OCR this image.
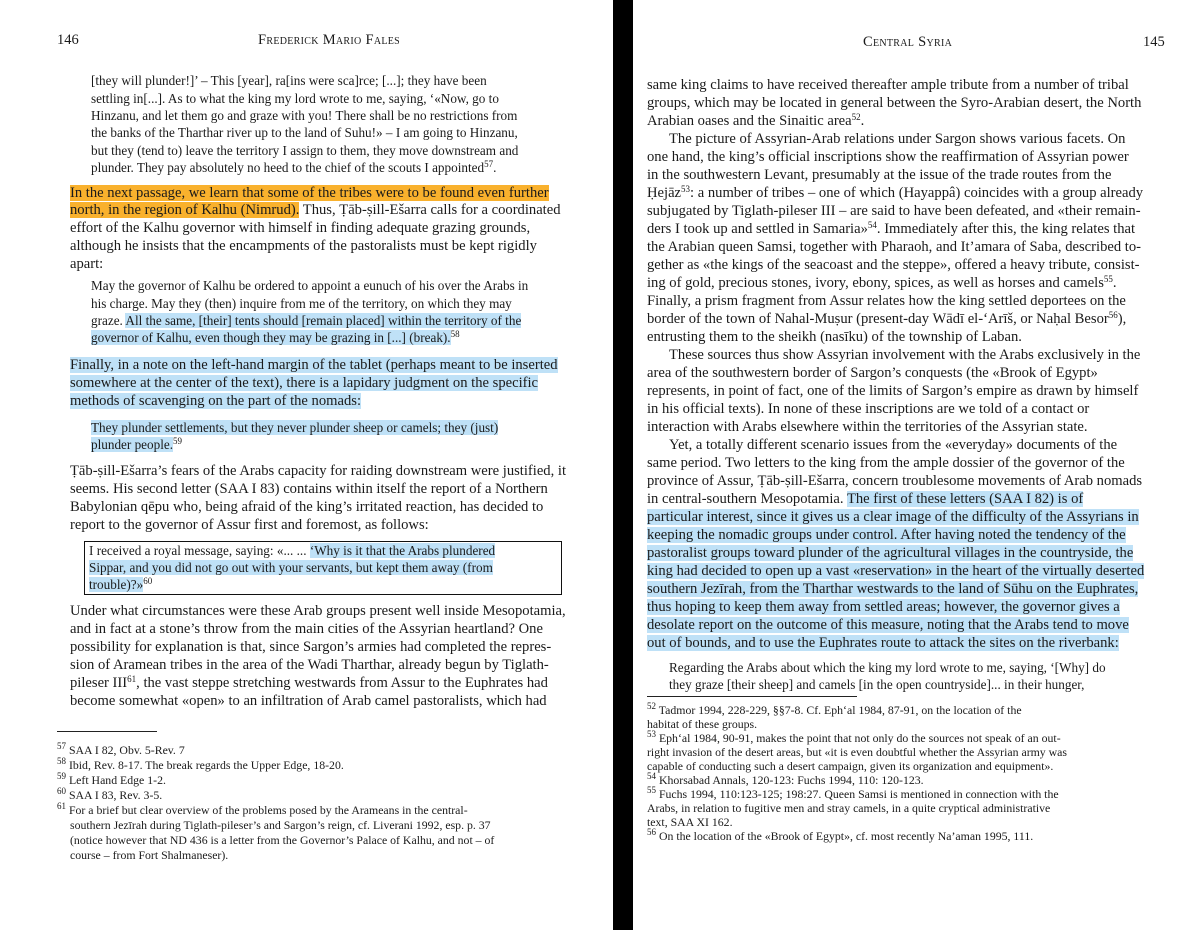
146	Frederick Mario Fales
[they will plunder!]’ – This [year], ra[ins were sca]rce; [...]; they have been
settling in[...]. As to what the king my lord wrote to me, saying, ‘«Now, go to
Hinzanu, and let them go and graze with you! There shall be no restrictions from
the banks of the Tharthar river up to the land of Suhu!» – I am going to Hinzanu,
but they (tend to) leave the territory I assign to them, they move downstream and
plunder. They pay absolutely no heed to the chief of the scouts I appointed$^{57}$.
In the next passage, we learn that some of the tribes were to be found even further
north, in the region of Kalhu (Nimrud). Thus, Ṭāb-ṣill-Ešarra calls for a coordinated
effort of the Kalhu governor with himself in finding adequate grazing grounds,
although he insists that the encampments of the pastoralists must be kept rigidly
apart:
May the governor of Kalhu be ordered to appoint a eunuch of his over the Arabs in
his charge. May they (then) inquire from me of the territory, on which they may
graze. All the same, [their] tents should [remain placed] within the territory of the
governor of Kalhu, even though they may be grazing in [...] (break).$^{58}$
Finally, in a note on the left-hand margin of the tablet (perhaps meant to be inserted
somewhere at the center of the text), there is a lapidary judgment on the specific
methods of scavenging on the part of the nomads:
They plunder settlements, but they never plunder sheep or camels; they (just)
plunder people.$^{59}$
Ṭāb-ṣill-Ešarra’s fears of the Arabs capacity for raiding downstream were justified, it
seems. His second letter (SAA I 83) contains within itself the report of a Northern
Babylonian qēpu who, being afraid of the king’s irritated reaction, has decided to
report to the governor of Assur first and foremost, as follows:
I received a royal message, saying: «... ... ‘Why is it that the Arabs plundered
Sippar, and you did not go out with your servants, but kept them away (from
trouble)?»$^{60}$
Under what circumstances were these Arab groups present well inside Mesopotamia,
and in fact at a stone’s throw from the main cities of the Assyrian heartland? One
possibility for explanation is that, since Sargon’s armies had completed the repres-
sion of Aramean tribes in the area of the Wadi Tharthar, already begun by Tiglath-
pileser III$^{61}$, the vast steppe stretching westwards from Assur to the Euphrates had
become somewhat «open» to an infiltration of Arab camel pastoralists, which had
$^{57}$ SAA I 82, Obv. 5-Rev. 7
$^{58}$ Ibid, Rev. 8-17. The break regards the Upper Edge, 18-20.
$^{59}$ Left Hand Edge 1-2.
$^{60}$ SAA I 83, Rev. 3-5.
$^{61}$ For a brief but clear overview of the problems posed by the Arameans in the central-
southern Jezīrah during Tiglath-pileser’s and Sargon’s reign, cf. Liverani 1992, esp. p. 37
(notice however that ND 436 is a letter from the Governor’s Palace of Kalhu, and not – of
course – from Fort Shalmaneser).
Central Syria	145
same king claims to have received thereafter ample tribute from a number of tribal
groups, which may be located in general between the Syro-Arabian desert, the North
Arabian oases and the Sinaitic area$^{52}$.
The picture of Assyrian-Arab relations under Sargon shows various facets. On
one hand, the king’s official inscriptions show the reaffirmation of Assyrian power
in the southwestern Levant, presumably at the issue of the trade routes from the
Ḥejāz$^{53}$: a number of tribes – one of which (Hayappâ) coincides with a group already
subjugated by Tiglath-pileser III – are said to have been defeated, and «their remain-
ders I took up and settled in Samaria»$^{54}$. Immediately after this, the king relates that
the Arabian queen Samsi, together with Pharaoh, and It’amara of Saba, described to-
gether as «the kings of the seacoast and the steppe», offered a heavy tribute, consist-
ing of gold, precious stones, ivory, ebony, spices, as well as horses and camels$^{55}$.
Finally, a prism fragment from Assur relates how the king settled deportees on the
border of the town of Nahal-Muṣur (present-day Wādī el-‘Arīš, or Naḥal Besor$^{56}$),
entrusting them to the sheikh (nasīku) of the township of Laban.
These sources thus show Assyrian involvement with the Arabs exclusively in the
area of the southwestern border of Sargon’s conquests (the «Brook of Egypt»
represents, in point of fact, one of the limits of Sargon’s empire as drawn by himself
in his official texts). In none of these inscriptions are we told of a contact or
interaction with Arabs elsewhere within the territories of the Assyrian state.
Yet, a totally different scenario issues from the «everyday» documents of the
same period. Two letters to the king from the ample dossier of the governor of the
province of Assur, Ṭāb-ṣill-Ešarra, concern troublesome movements of Arab nomads
in central-southern Mesopotamia. The first of these letters (SAA I 82) is of
particular interest, since it gives us a clear image of the difficulty of the Assyrians in
keeping the nomadic groups under control. After having noted the tendency of the
pastoralist groups toward plunder of the agricultural villages in the countryside, the
king had decided to open up a vast «reservation» in the heart of the virtually deserted
southern Jezīrah, from the Tharthar westwards to the land of Sūhu on the Euphrates,
thus hoping to keep them away from settled areas; however, the governor gives a
desolate report on the outcome of this measure, noting that the Arabs tend to move
out of bounds, and to use the Euphrates route to attack the sites on the riverbank:
Regarding the Arabs about which the king my lord wrote to me, saying, ‘[Why] do
they graze [their sheep] and camels [in the open countryside]... in their hunger,
$^{52}$ Tadmor 1994, 228-229, §§7-8. Cf. Eph‘al 1984, 87-91, on the location of the
habitat of these groups.
$^{53}$ Eph‘al 1984, 90-91, makes the point that not only do the sources not speak of an out-
right invasion of the desert areas, but «it is even doubtful whether the Assyrian army was
capable of conducting such a desert campaign, given its organization and equipment».
$^{54}$ Khorsabad Annals, 120-123: Fuchs 1994, 110: 120-123.
$^{55}$ Fuchs 1994, 110:123-125; 198:27. Queen Samsi is mentioned in connection with the
Arabs, in relation to fugitive men and stray camels, in a quite cryptical administrative
text, SAA XI 162.
$^{56}$ On the location of the «Brook of Egypt», cf. most recently Na’aman 1995, 111.
